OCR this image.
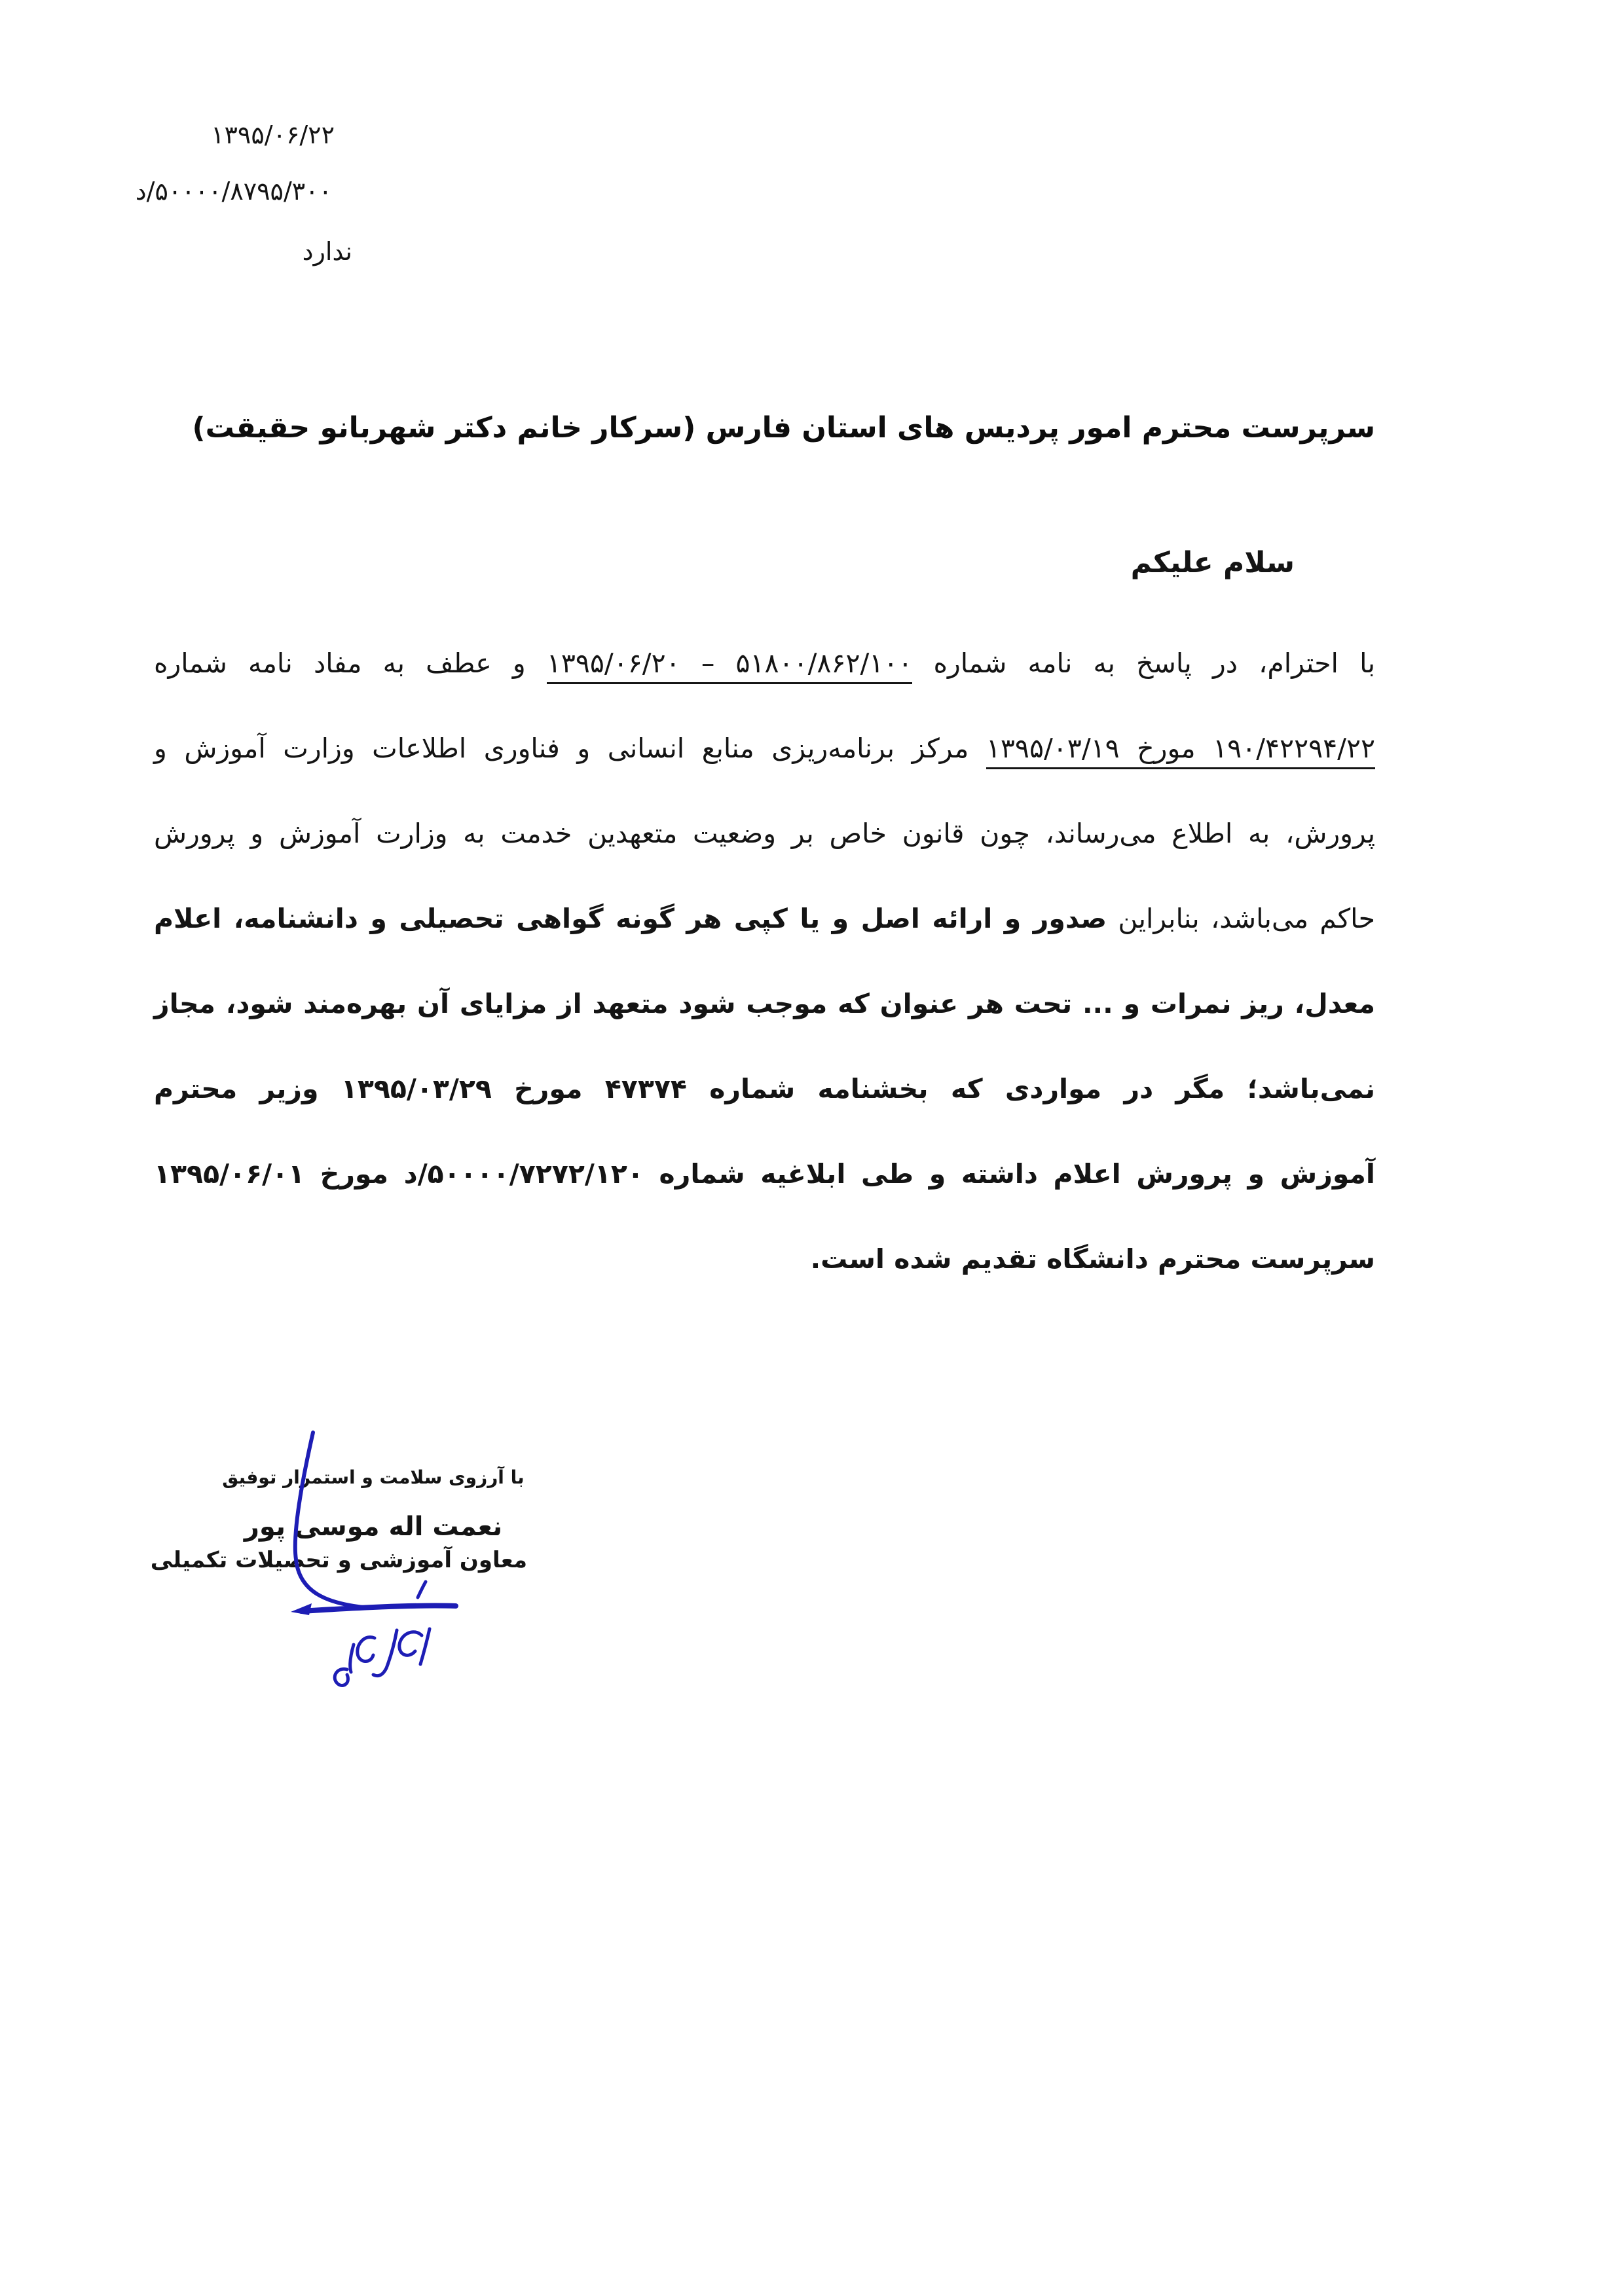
۱۳۹۵/۰۶/۲۲
۵۰۰۰۰/۸۷۹۵/۳۰۰/د
ندارد
سرپرست محترم امور پردیس های استان فارس (سرکار خانم دکتر شهربانو حقیقت)
سلام علیکم
با احترام، در پاسخ به نامه شماره ۵۱۸۰۰/۸۶۲/۱۰۰ – ۱۳۹۵/۰۶/۲۰ و عطف به مفاد نامه شماره
۱۹۰/۴۲۲۹۴/۲۲ مورخ ۱۳۹۵/۰۳/۱۹ مرکز برنامه‌ریزی منابع انسانی و فناوری اطلاعات وزارت آموزش و
پرورش، به اطلاع می‌رساند، چون قانون خاص بر وضعیت متعهدین خدمت به وزارت آموزش و پرورش
حاکم می‌باشد، بنابراین صدور و ارائه اصل و یا کپی هر گونه گواهی تحصیلی و دانشنامه، اعلام
معدل، ریز نمرات و ... تحت هر عنوان که موجب شود متعهد از مزایای آن بهره‌مند شود، مجاز
نمی‌باشد؛ مگر در مواردی که بخشنامه شماره ۴۷۳۷۴ مورخ ۱۳۹۵/۰۳/۲۹ وزیر محترم
آموزش و پرورش اعلام داشته و طی ابلاغیه شماره ۵۰۰۰۰/۷۲۷۲/۱۲۰/د مورخ ۱۳۹۵/۰۶/۰۱
سرپرست محترم دانشگاه تقدیم شده است.
با آرزوی سلامت و استمرار توفیق
نعمت اله موسی پور
معاون آموزشی و تحصیلات تکمیلی
